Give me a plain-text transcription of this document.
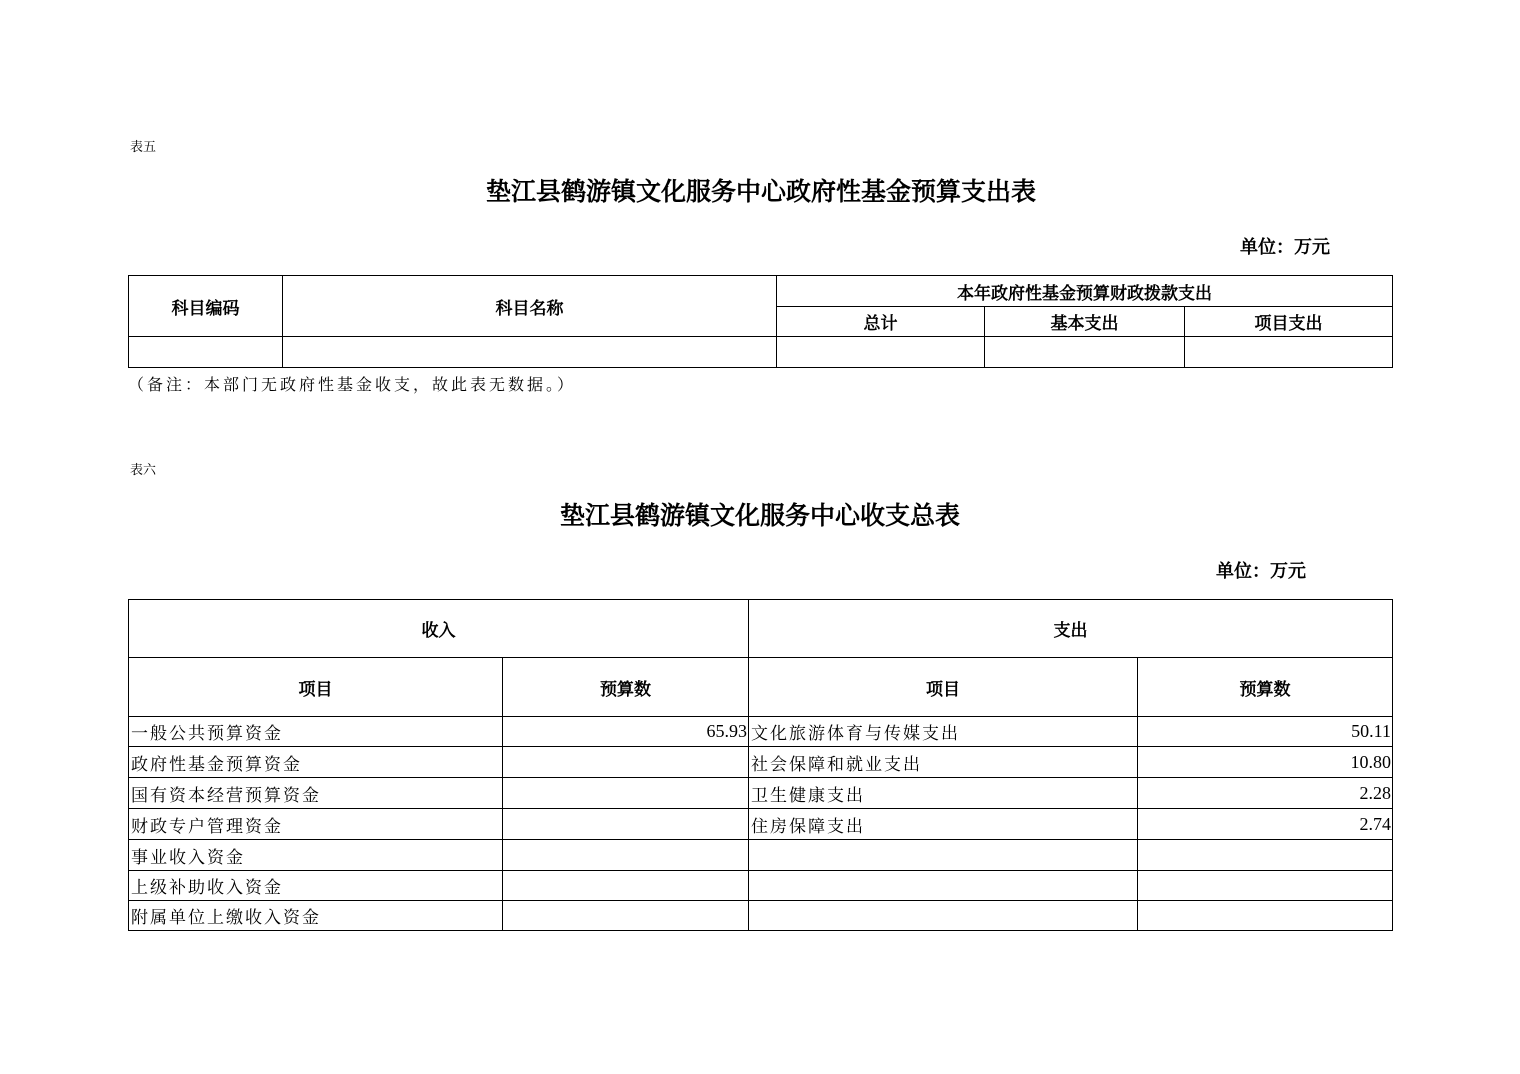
表五
垫江县鹤游镇文化服务中心政府性基金预算支出表
单位：万元
科目编码	科目名称	本年政府性基金预算财政拨款支出		
		总计	基本支出	项目支出

（备注：本部门无政府性基金收支，故此表无数据。）
表六
垫江县鹤游镇文化服务中心收支总表
单位：万元
收入		支出	
项目	预算数	项目	预算数
一般公共预算资金	65.93	文化旅游体育与传媒支出	50.11
政府性基金预算资金		社会保障和就业支出	10.80
国有资本经营预算资金		卫生健康支出	2.28
财政专户管理资金		住房保障支出	2.74
事业收入资金			
上级补助收入资金			
附属单位上缴收入资金			
